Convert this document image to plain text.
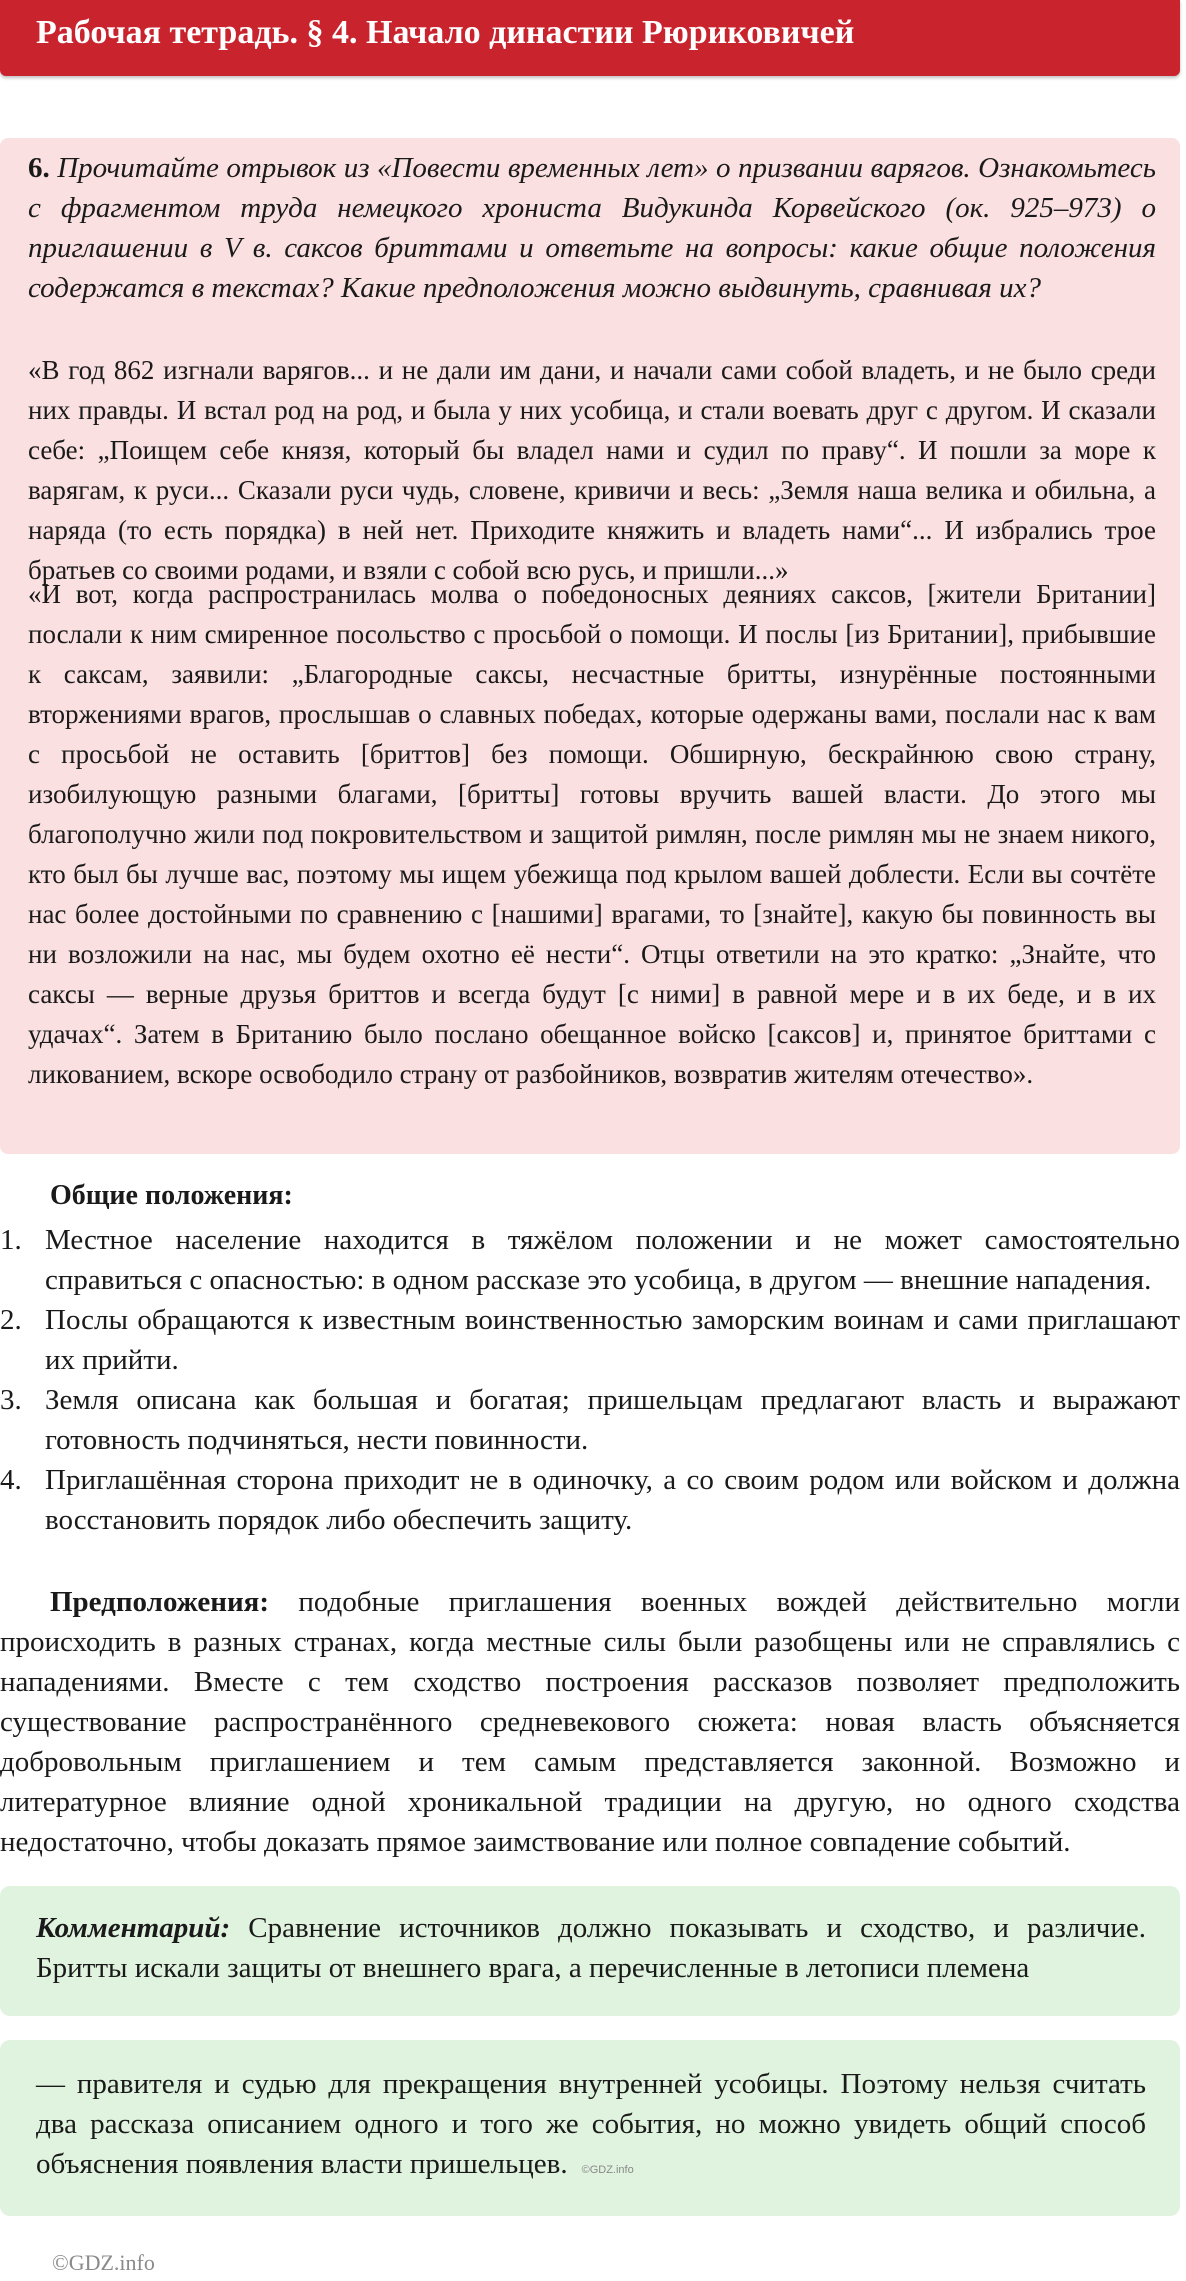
Рабочая тетрадь. § 4. Начало династии Рюриковичей
6. Прочитайте отрывок из «Повести временных лет» о призвании варягов. Ознакомьтесь с фрагментом труда немецкого хрониста Видукинда Корвейского (ок. 925–973) о приглашении в V в. саксов бриттами и ответьте на вопросы: какие общие положения содержатся в текстах? Какие предположения можно выдвинуть, сравнивая их?
«В год 862 изгнали варягов... и не дали им дани, и начали сами собой владеть, и не было среди них правды. И встал род на род, и была у них усобица, и стали воевать друг с другом. И сказали себе: „Поищем себе князя, который бы владел нами и судил по праву“. И пошли за море к варягам, к руси... Сказали руси чудь, словене, кривичи и весь: „Земля наша велика и обильна, а наряда (то есть порядка) в ней нет. Приходите княжить и владеть нами“... И избрались трое братьев со своими родами, и взяли с собой всю русь, и пришли...»
«И вот, когда распространилась молва о победоносных деяниях саксов, [жители Британии] послали к ним смиренное посольство с просьбой о помощи. И послы [из Британии], прибывшие к саксам, заявили: „Благородные саксы, несчастные бритты, изнурённые постоянными вторжениями врагов, прослышав о славных победах, которые одержаны вами, послали нас к вам с просьбой не оставить [бриттов] без помощи. Обширную, бескрайнюю свою страну, изобилующую разными благами, [бритты] готовы вручить вашей власти. До этого мы благополучно жили под покровительством и защитой римлян, после римлян мы не знаем никого, кто был бы лучше вас, поэтому мы ищем убежища под крылом вашей доблести. Если вы сочтёте нас более достойными по сравнению с [нашими] врагами, то [знайте], какую бы повинность вы ни возложили на нас, мы будем охотно её нести“. Отцы ответили на это кратко: „Знайте, что саксы — верные друзья бриттов и всегда будут [с ними] в равной мере и в их беде, и в их удачах“. Затем в Британию было послано обещанное войско [саксов] и, принятое бриттами с ликованием, вскоре освободило страну от разбойников, возвратив жителям отечество».
Общие положения:
1. Местное население находится в тяжёлом положении и не может самостоятельно справиться с опасностью: в одном рассказе это усобица, в другом — внешние нападения.
2. Послы обращаются к известным воинственностью заморским воинам и сами приглашают их прийти.
3. Земля описана как большая и богатая; пришельцам предлагают власть и выражают готовность подчиняться, нести повинности.
4. Приглашённая сторона приходит не в одиночку, а со своим родом или войском и должна восстановить порядок либо обеспечить защиту.
Предположения: подобные приглашения военных вождей действительно могли происходить в разных странах, когда местные силы были разобщены или не справлялись с нападениями. Вместе с тем сходство построения рассказов позволяет предположить существование распространённого средневекового сюжета: новая власть объясняется добровольным приглашением и тем самым представляется законной. Возможно и литературное влияние одной хроникальной традиции на другую, но одного сходства недостаточно, чтобы доказать прямое заимствование или полное совпадение событий.
Комментарий: Сравнение источников должно показывать и сходство, и различие. Бритты искали защиты от внешнего врага, а перечисленные в летописи племена
— правителя и судью для прекращения внутренней усобицы. Поэтому нельзя считать два рассказа описанием одного и того же события, но можно увидеть общий способ объяснения появления власти пришельцев. ©GDZ.info
©GDZ.info
